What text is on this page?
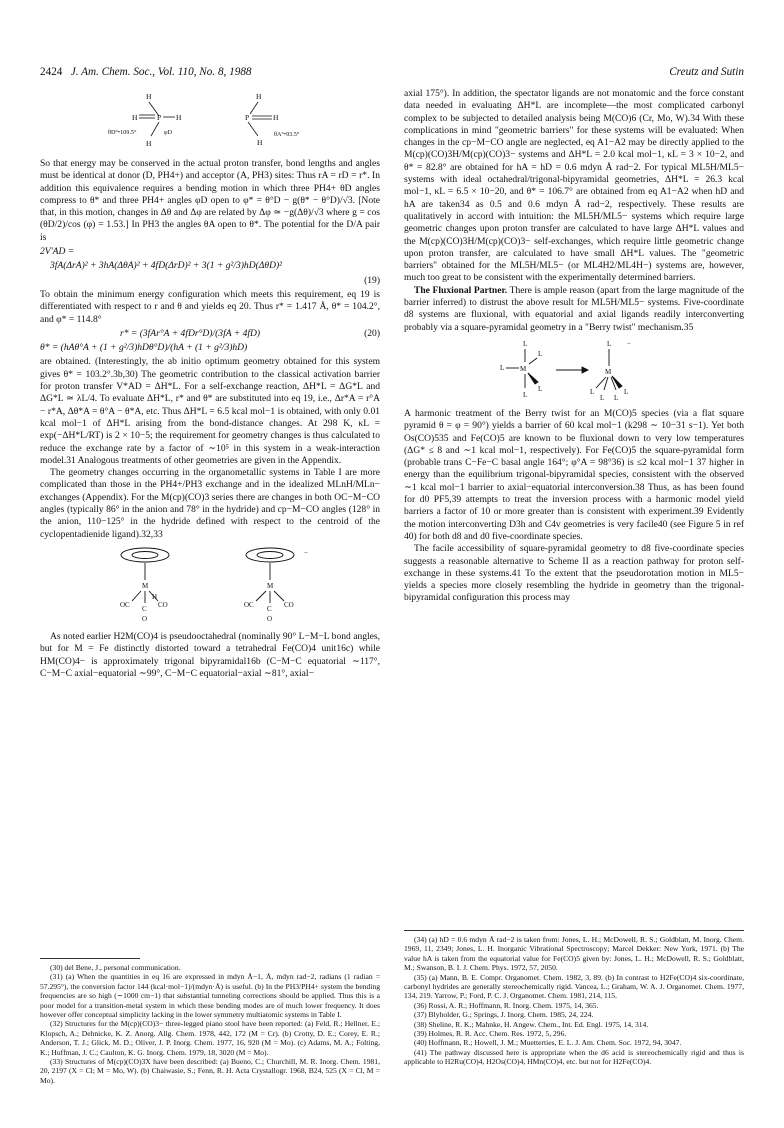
2424 J. Am. Chem. Soc., Vol. 110, No. 8, 1988	Creutz and Sutin
H
H	P H
H
θD°•109.5°	φD
H
P	H
H
θA°•93.5°

So that energy may be conserved in the actual proton transfer, bond lengths and angles must be identical at donor (D, PH4+) and acceptor (A, PH3) sites: Thus rA = rD = r*. In addition this equivalence requires a bending motion in which three PH4+ θD angles compress to θ* and three PH4+ angles φD open to φ* = θ°D − g(θ* − θ°D)/√3. [Note that, in this motion, changes in Δθ and Δφ are related by Δφ ≃ −g(Δθ)/√3 where g = cos (θD/2)/cos (φ) = 1.53.] In PH3 the angles θA open to θ*. The potential for the D/A pair is

2V'AD =
3fA(ΔrA)² + 3hA(ΔθA)² + 4fD(ΔrD)² + 3(1 + g²/3)hD(ΔθD)²
(19)

To obtain the minimum energy configuration which meets this requirement, eq 19 is differentiated with respect to r and θ and yields eq 20. Thus r* = 1.417 Å, θ* = 104.2°, and φ* = 114.8°

r* = (3fAr°A + 4fDr°D)/(3fA + 4fD)	(20)
θ* = (hAθ°A + (1 + g²/3)hDθ°D)/(hA + (1 + g²/3)hD)

are obtained. (Interestingly, the ab initio optimum geometry obtained for this system gives θ* = 103.2°.3b,30) The geometric contribution to the classical activation barrier for proton transfer V*AD = ΔH*L. For a self-exchange reaction, ΔH*L = ΔG*L and ΔG*L ≃ λL/4. To evaluate ΔH*L, r* and θ* are substituted into eq 19, i.e., Δr*A = r°A − r*A, Δθ*A = θ°A − θ*A, etc. Thus ΔH*L = 6.5 kcal mol−1 is obtained, with only 0.01 kcal mol−1 of ΔH*L arising from the bond-distance changes. At 298 K, κL = exp(−ΔH*L/RT) is 2 × 10−5; the requirement for geometry changes is thus calculated to reduce the exchange rate by a factor of ∼10⁵ in this system in a weak-interaction model.31 Analogous treatments of other geometries are given in the Appendix.

The geometry changes occurring in the organometallic systems in Table I are more complicated than those in the PH4+/PH3 exchange and in the idealized MLnH/MLn− exchanges (Appendix). For the M(cp)(CO)3 series there are changes in both OC−M−CO angles (typically 86° in the anion and 78° in the hydride) and cp−M−CO angles (128° in the anion, 110−125° in the hydride defined with respect to the centroid of the cyclopentadienide ligand).32,33

M
OC C
O
CO
H
−
M
OC C
O
CO

As noted earlier H2M(CO)4 is pseudooctahedral (nominally 90° L−M−L bond angles, but for M = Fe distinctly distorted toward a tetrahedral Fe(CO)4 unit16c) while HM(CO)4− is approximately trigonal bipyramidal16b (C−M−C equatorial ∼117°, C−M−C axial−equatorial ∼99°, C−M−C equatorial−axial ∼81°, axial−

(30) del Bene, J., personal communication.

(31) (a) When the quantities in eq 16 are expressed in mdyn Å−1, Å, mdyn rad−2, radians (1 radian = 57.295°), the conversion factor 144 (kcal·mol−1)/(mdyn·Å) is useful. (b) In the PH3/PH4+ system the bending frequencies are so high (∼1000 cm−1) that substantial tunneling corrections should be applied. Thus this is a poor model for a transition-metal system in which these bending modes are of much lower frequency. It does however offer conceptual simplicity lacking in the lower symmetry multiatomic systems in Table I.

(32) Structures for the M(cp)(CO)3− three-legged piano stool have been reported: (a) Feld, R.; Hellner, E.; Klopsch, A.; Dehnicke, K. Z. Anorg. Allg. Chem. 1978, 442, 172 (M = Cr). (b) Crotty, D. E.; Corey, E. R.; Anderson, T. J.; Glick, M. D.; Oliver, J. P. Inorg. Chem. 1977, 16, 920 (M = Mo). (c) Adams, M. A.; Folting, K.; Huffman, J. C.; Caulton, K. G. Inorg. Chem. 1979, 18, 3020 (M = Mo).

(33) Structures of M(cp)(CO)3X have been described: (a) Bueno, C.; Churchill, M. R. Inorg. Chem. 1981, 20, 2197 (X = Cl; M = Mo, W). (b) Chaiwasie, S.; Fenn, R. H. Acta Crystallogr. 1968, B24, 525 (X = Cl, M = Mo).

axial 175°). In addition, the spectator ligands are not monatomic and the force constant data needed in evaluating ΔH*L are incomplete—the most complicated carbonyl complex to be subjected to detailed analysis being M(CO)6 (Cr, Mo, W).34 With these complications in mind "geometric barriers" for these systems will be evaluated: When changes in the cp−M−CO angle are neglected, eq A1−A2 may be directly applied to the M(cp)(CO)3H/M(cp)(CO)3− systems and ΔH*L = 2.0 kcal mol−1, κL = 3 × 10−2, and θ* = 82.8° are obtained for hA = hD = 0.6 mdyn Å rad−2. For typical ML5H/ML5− systems with ideal octahedral/trigonal-bipyramidal geometries, ΔH*L = 26.3 kcal mol−1, κL = 6.5 × 10−20, and θ* = 106.7° are obtained from eq A1−A2 when hD and hA are taken34 as 0.5 and 0.6 mdyn Å rad−2, respectively. These results are qualitatively in accord with intuition: the ML5H/ML5− systems which require large geometric changes upon proton transfer are calculated to have large ΔH*L values and the M(cp)(CO)3H/M(cp)(CO)3− self-exchanges, which require little geometric change upon proton transfer, are calculated to have small ΔH*L values. The "geometric barriers" obtained for the ML5H/ML5− (or ML4H2/ML4H−) systems are, however, much too great to be consistent with the experimentally determined barriers.

The Fluxional Partner. There is ample reason (apart from the large magnitude of the barrier inferred) to distrust the above result for ML5H/ML5− systems. Five-coordinate d8 systems are fluxional, with equatorial and axial ligands readily interconverting probably via a square-pyramidal geometry in a "Berry twist" mechanism.35

L
L
L M
L
L
L −
M
L
L L
L

A harmonic treatment of the Berry twist for an M(CO)5 species (via a flat square pyramid θ = φ = 90°) yields a barrier of 60 kcal mol−1 (k298 ∼ 10−31 s−1). Yet both Os(CO)535 and Fe(CO)5 are known to be fluxional down to very low temperatures (ΔG* ≤ 8 and ∼1 kcal mol−1, respectively). For Fe(CO)5 the square-pyramidal form (probable trans C−Fe−C basal angle 164°; φ°A = 98°36) is ≤2 kcal mol−1 37 higher in energy than the equilibrium trigonal-bipyramidal species, consistent with the observed ∼1 kcal mol−1 barrier to axial−equatorial interconversion.38 Thus, as has been found for d0 PF5,39 attempts to treat the inversion process with a harmonic model yield barriers a factor of 10 or more greater than is consistent with experiment.39 Evidently the motion interconverting D3h and C4v geometries is very facile40 (see Figure 5 in ref 40) for both d8 and d0 five-coordinate species.

The facile accessibility of square-pyramidal geometry to d8 five-coordinate species suggests a reasonable alternative to Scheme II as a reaction pathway for proton self-exchange in these systems.41 To the extent that the pseudorotation motion in ML5− yields a species more closely resembling the hydride in geometry than the trigonal-bipyramidal configuration this process may

(34) (a) hD = 0.6 mdyn Å rad−2 is taken from: Jones, L. H.; McDowell, R. S.; Goldblatt, M. Inorg. Chem. 1969, 11, 2349; Jones, L. H. Inorganic Vibrational Spectroscopy; Marcel Dekker: New York, 1971. (b) The value hA is taken from the equatorial value for Fe(CO)5 given by: Jones, L. H.; McDowell, R. S.; Goldblatt, M.; Swanson, B. I. J. Chem. Phys. 1972, 57, 2050.

(35) (a) Mann, B. E. Compr. Organomet. Chem. 1982, 3, 89. (b) In contrast to H2Fe(CO)4 six-coordinate, carbonyl hydrides are generally stereochemically rigid. Vancea, L.; Graham, W. A. J. Organomet. Chem. 1977, 134, 219. Yarrow, P.; Ford, P. C. J. Organomet. Chem. 1981, 214, 115.

(36) Rossi, A. R.; Hoffmann, R. Inorg. Chem. 1975, 14, 365.

(37) Blyholder, G.; Springs, J. Inorg. Chem. 1985, 24, 224.

(38) Sheline, R. K.; Mahnke, H. Angew. Chem., Int. Ed. Engl. 1975, 14, 314.

(39) Holmes, R. R. Acc. Chem. Res. 1972, 5, 296.

(40) Hoffmann, R.; Howell, J. M.; Muetterties, E. L. J. Am. Chem. Soc. 1972, 94, 3047.

(41) The pathway discussed here is appropriate when the d6 acid is stereochemically rigid and thus is applicable to H2Ru(CO)4, H2Os(CO)4, HMn(CO)4, etc. but not for H2Fe(CO)4.
